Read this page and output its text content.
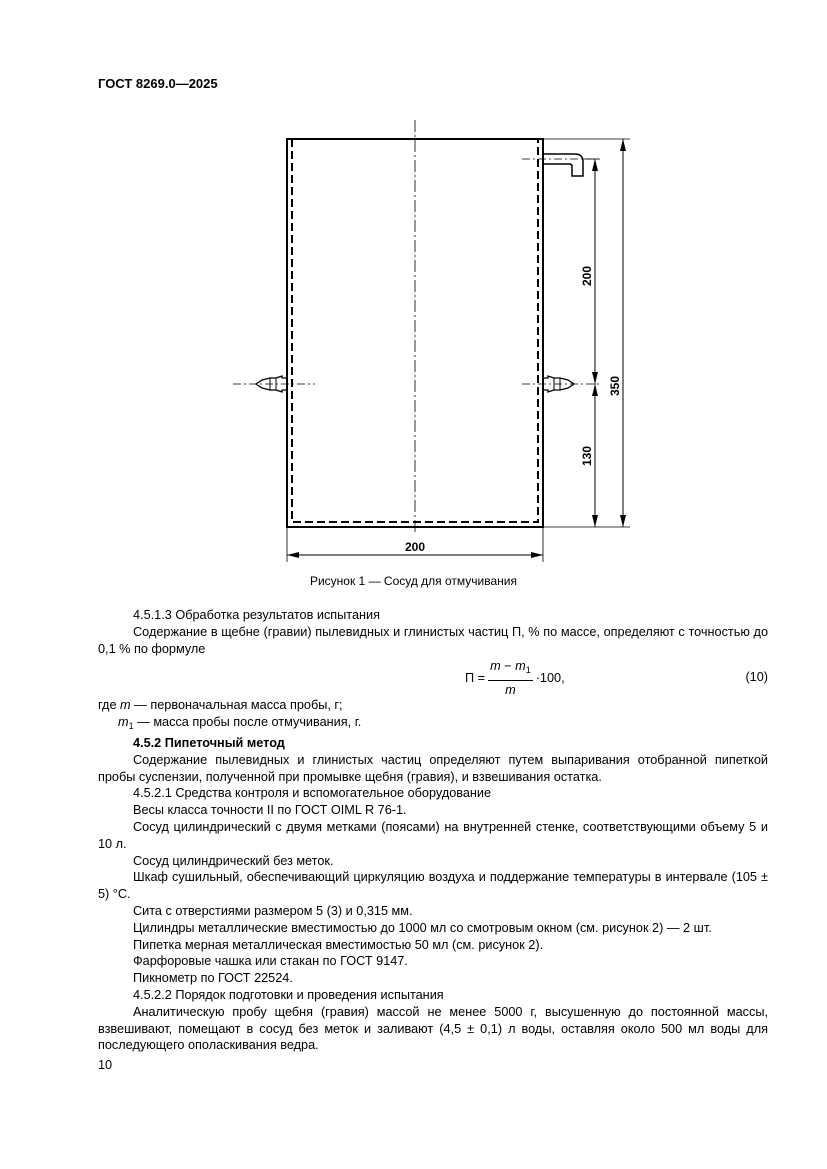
ГОСТ 8269.0—2025
200
130
350
200
Рисунок 1 — Сосуд для отмучивания

4.5.1.3 Обработка результатов испытания

Содержание в щебне (гравии) пылевидных и глинистых частиц П, % по массе, определяют с точностью до 0,1 % по формуле

$П = \frac{m - m_1}{m} \cdot 100$,	(10)

где m — первоначальная масса пробы, г;

$m_1$ — масса пробы после отмучивания, г.

4.5.2 Пипеточный метод

Содержание пылевидных и глинистых частиц определяют путем выпаривания отобранной пипеткой пробы суспензии, полученной при промывке щебня (гравия), и взвешивания остатка.

4.5.2.1 Средства контроля и вспомогательное оборудование

Весы класса точности II по ГОСТ OIML R 76-1.

Сосуд цилиндрический с двумя метками (поясами) на внутренней стенке, соответствующими объему 5 и 10 л.

Сосуд цилиндрический без меток.

Шкаф сушильный, обеспечивающий циркуляцию воздуха и поддержание температуры в интервале (105 ± 5) °С.

Сита с отверстиями размером 5 (3) и 0,315 мм.

Цилиндры металлические вместимостью до 1000 мл со смотровым окном (см. рисунок 2) — 2 шт.

Пипетка мерная металлическая вместимостью 50 мл (см. рисунок 2).

Фарфоровые чашка или стакан по ГОСТ 9147.

Пикнометр по ГОСТ 22524.

4.5.2.2 Порядок подготовки и проведения испытания

Аналитическую пробу щебня (гравия) массой не менее 5000 г, высушенную до постоянной массы, взвешивают, помещают в сосуд без меток и заливают (4,5 ± 0,1) л воды, оставляя около 500 мл воды для последующего ополаскивания ведра.

10
